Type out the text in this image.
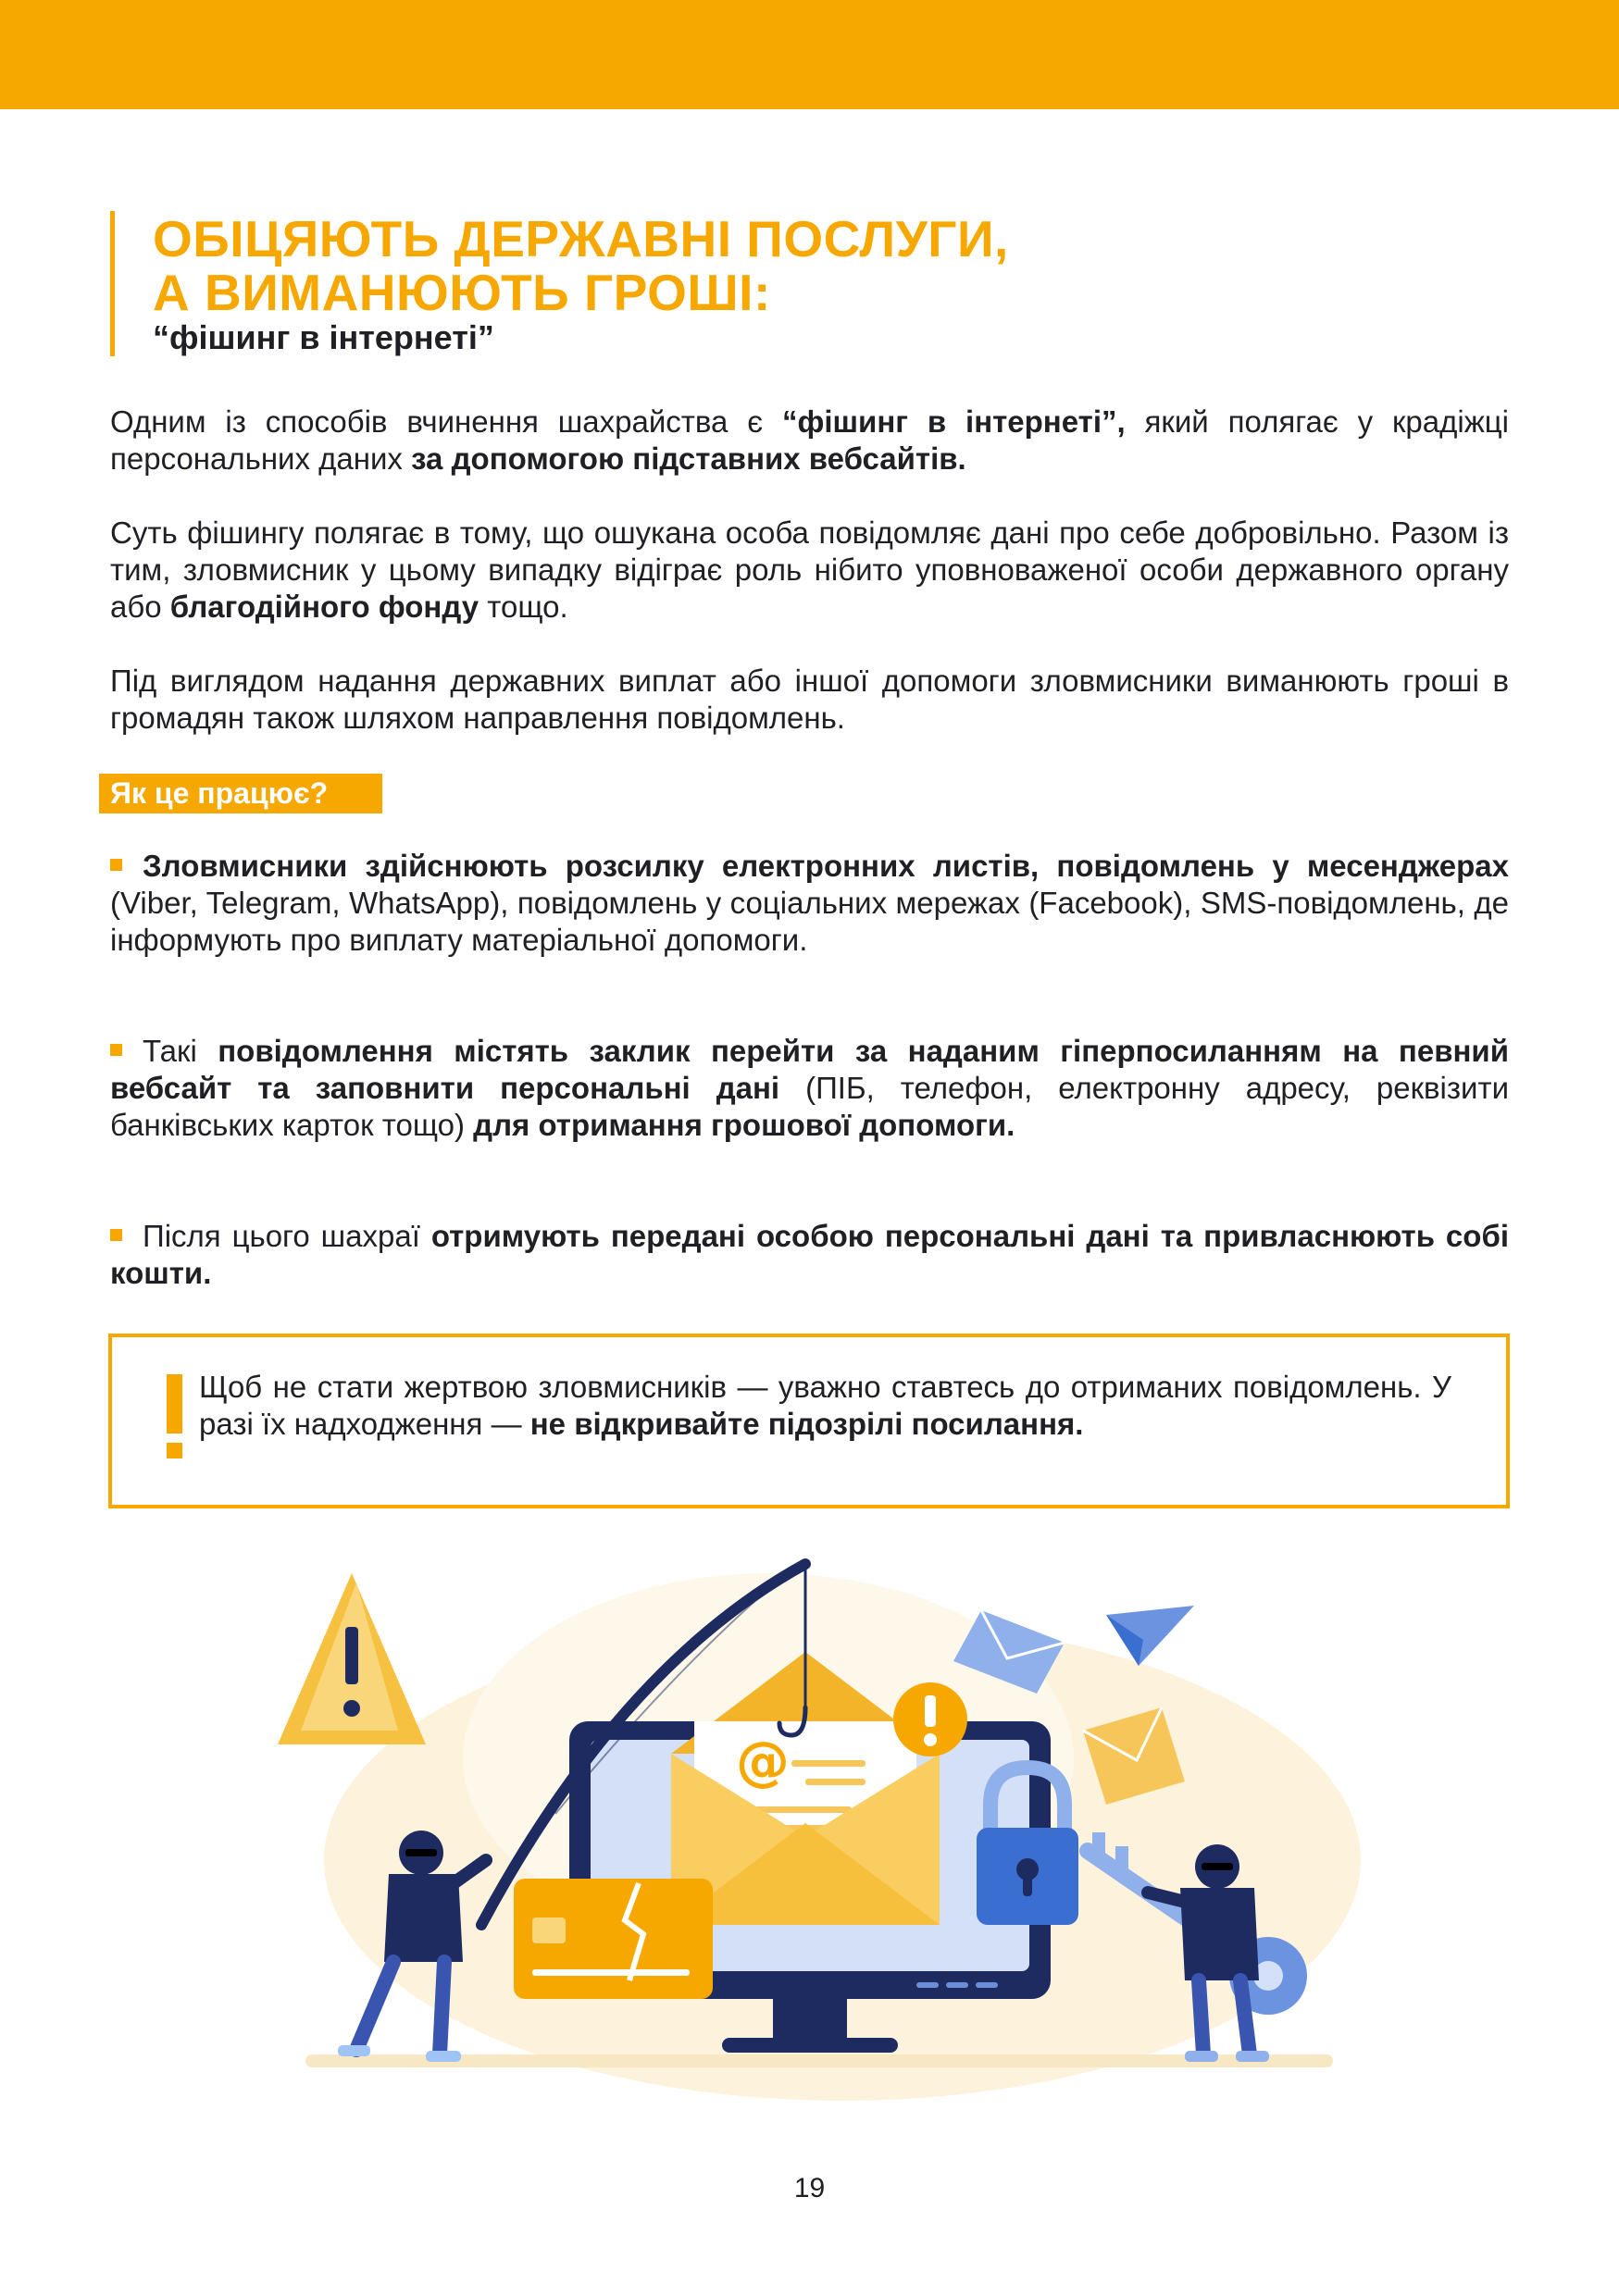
ОБІЦЯЮТЬ ДЕРЖАВНІ ПОСЛУГИ,
А ВИМАНЮЮТЬ ГРОШІ:
“фішинг в інтернеті”
Одним із способів вчинення шахрайства є “фішинг в інтернеті”, який полягає у крадіжці персональних даних за допомогою підставних вебсайтів.
Суть фішингу полягає в тому, що ошукана особа повідомляє дані про себе добровільно. Разом із тим, зловмисник у цьому випадку відіграє роль нібито уповноваженої особи державного органу або благодійного фонду тощо.
Під виглядом надання державних виплат або іншої допомоги зловмисники виманюють гроші в громадян також шляхом направлення повідомлень.
Як це працює?
Зловмисники здійснюють розсилку електронних листів, повідомлень у месенджерах (Viber, Telegram, WhatsApp), повідомлень у соціальних мережах (Facebook), SMS-повідомлень, де інформують про виплату матеріальної допомоги.
Такі повідомлення містять заклик перейти за наданим гіперпосиланням на певний вебсайт та заповнити персональні дані (ПІБ, телефон, електронну адресу, реквізити банківських карток тощо) для отримання грошової допомоги.
Після цього шахраї отримують передані особою персональні дані та привласнюють собі кошти.
Щоб не стати жертвою зловмисників — уважно ставтесь до отриманих повідомлень. У разі їх надходження — не відкривайте підозрілі посилання.
@
19
